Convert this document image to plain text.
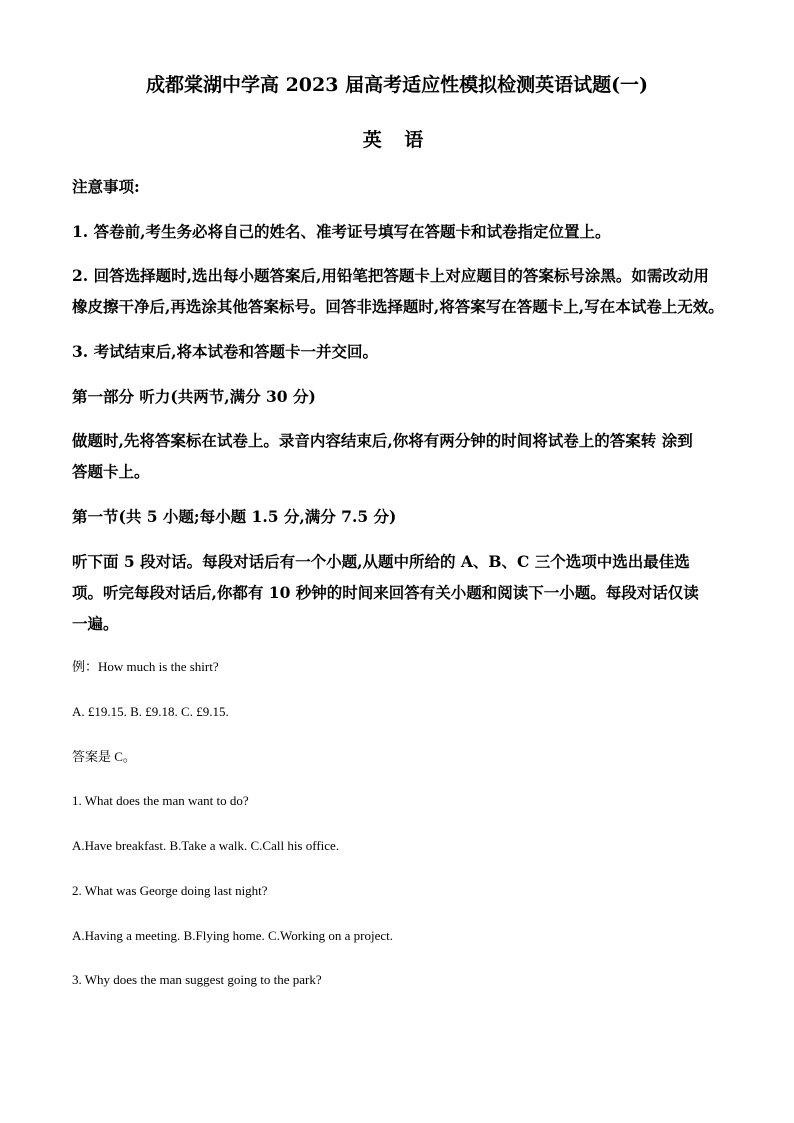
成都棠湖中学高 2023 届高考适应性模拟检测英语试题(一)
英 语
注意事项:
1. 答卷前,考生务必将自己的姓名、准考证号填写在答题卡和试卷指定位置上。
2. 回答选择题时,选出每小题答案后,用铅笔把答题卡上对应题目的答案标号涂黑。如需改动用
橡皮擦干净后,再选涂其他答案标号。回答非选择题时,将答案写在答题卡上,写在本试卷上无效。
3. 考试结束后,将本试卷和答题卡一并交回。
第一部分 听力(共两节,满分 30 分)
做题时,先将答案标在试卷上。录音内容结束后,你将有两分钟的时间将试卷上的答案转 涂到
答题卡上。
第一节(共 5 小题;每小题 1.5 分,满分 7.5 分)
听下面 5 段对话。每段对话后有一个小题,从题中所给的 A、B、C 三个选项中选出最佳选
项。听完每段对话后,你都有 10 秒钟的时间来回答有关小题和阅读下一小题。每段对话仅读
一遍。
例：How much is the shirt?
A. £19.15. B. £9.18. C. £9.15.
答案是 C。
1. What does the man want to do?
A.Have breakfast. B.Take a walk. C.Call his office.
2. What was George doing last night?
A.Having a meeting. B.Flying home. C.Working on a project.
3. Why does the man suggest going to the park?
